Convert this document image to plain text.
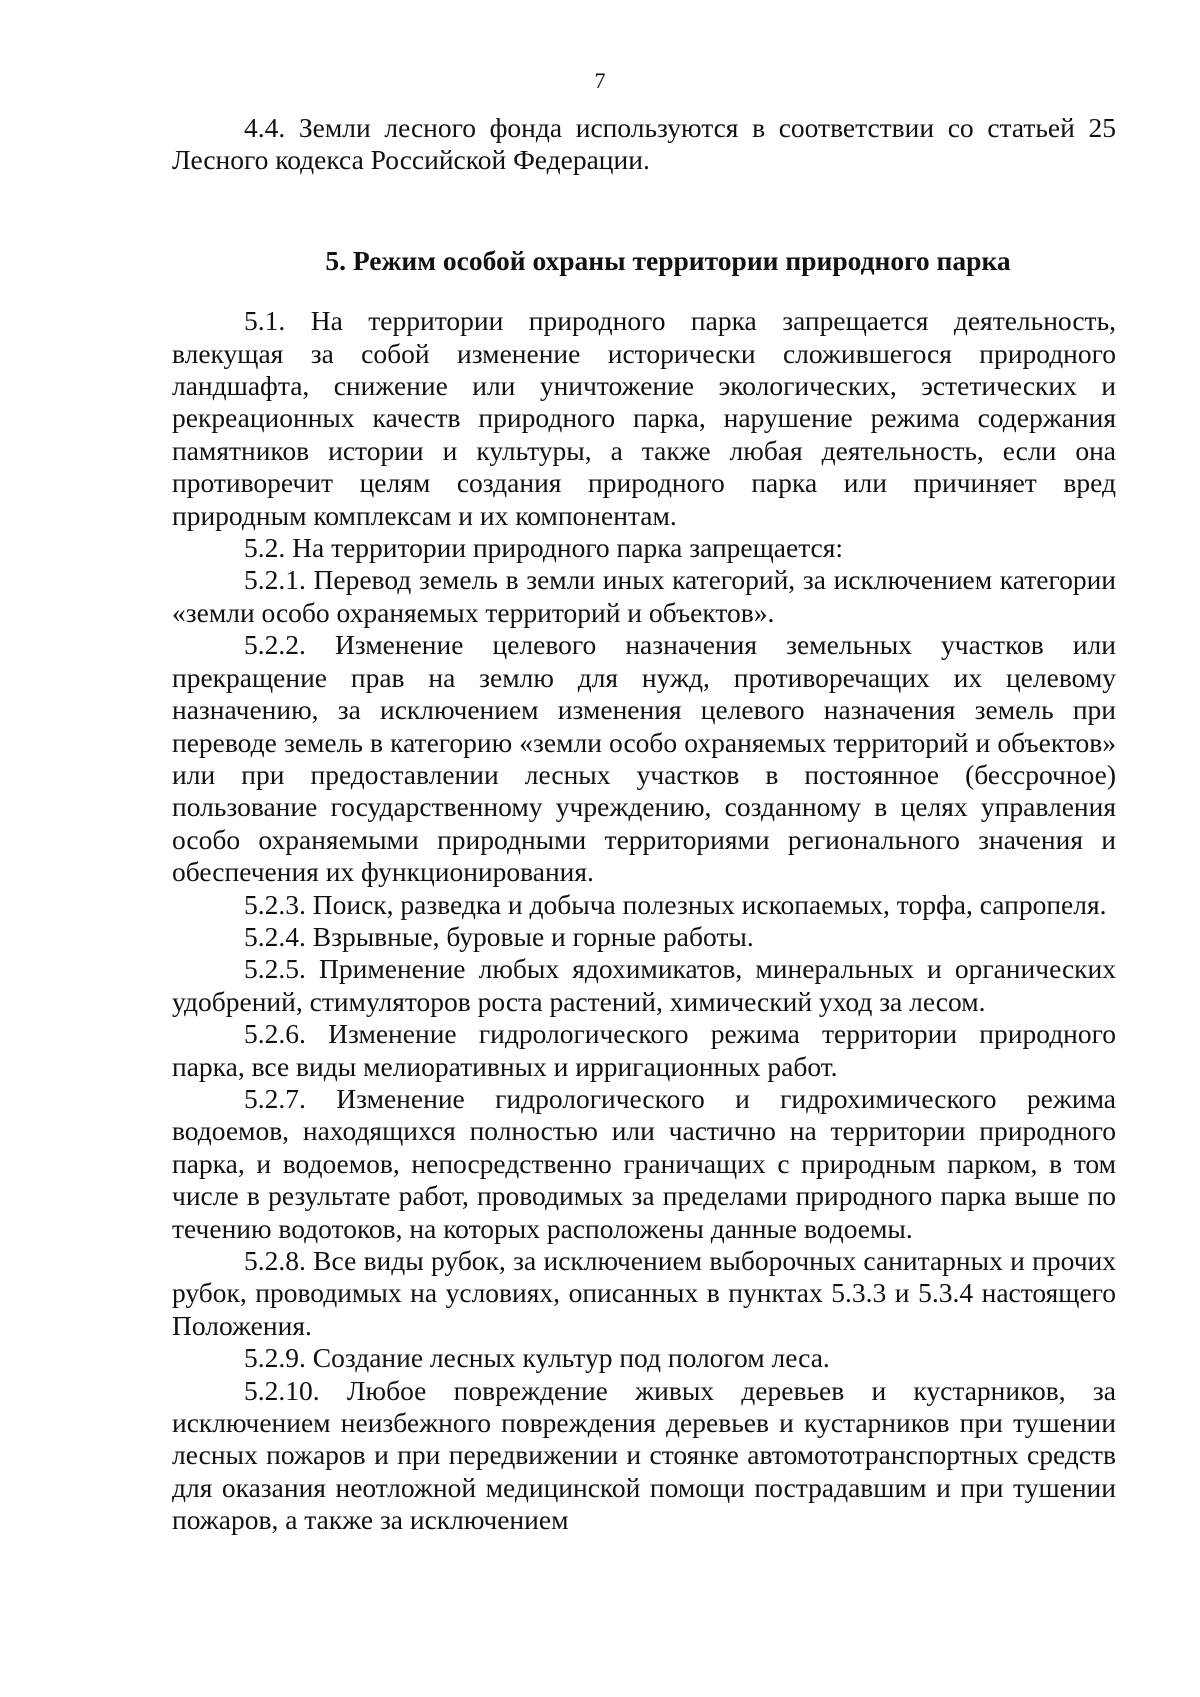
7

4.4. Земли лесного фонда используются в соответствии со статьей 25 Лесного кодекса Российской Федерации.

5. Режим особой охраны территории природного парка

5.1. На территории природного парка запрещается деятельность, влекущая за собой изменение исторически сложившегося природного ландшафта, снижение или уничтожение экологических, эстетических и рекреационных качеств природного парка, нарушение режима содержания памятников истории и культуры, а также любая деятельность, если она противоречит целям создания природного парка или причиняет вред природным комплексам и их компонентам.

5.2. На территории природного парка запрещается:

5.2.1. Перевод земель в земли иных категорий, за исключением категории «земли особо охраняемых территорий и объектов».

5.2.2. Изменение целевого назначения земельных участков или прекращение прав на землю для нужд, противоречащих их целевому назначению, за исключением изменения целевого назначения земель при переводе земель в категорию «земли особо охраняемых территорий и объектов» или при предоставлении лесных участков в постоянное (бессрочное) пользование государственному учреждению, созданному в целях управления особо охраняемыми природными территориями регионального значения и обеспечения их функционирования.

5.2.3. Поиск, разведка и добыча полезных ископаемых, торфа, сапропеля.

5.2.4. Взрывные, буровые и горные работы.

5.2.5. Применение любых ядохимикатов, минеральных и органических удобрений, стимуляторов роста растений, химический уход за лесом.

5.2.6. Изменение гидрологического режима территории природного парка, все виды мелиоративных и ирригационных работ.

5.2.7. Изменение гидрологического и гидрохимического режима водоемов, находящихся полностью или частично на территории природного парка, и водоемов, непосредственно граничащих с природным парком, в том числе в результате работ, проводимых за пределами природного парка выше по течению водотоков, на которых расположены данные водоемы.

5.2.8. Все виды рубок, за исключением выборочных санитарных и прочих рубок, проводимых на условиях, описанных в пунктах 5.3.3 и 5.3.4 настоящего Положения.

5.2.9. Создание лесных культур под пологом леса.

5.2.10. Любое повреждение живых деревьев и кустарников, за исключением неизбежного повреждения деревьев и кустарников при тушении лесных пожаров и при передвижении и стоянке автомототранспортных средств для оказания неотложной медицинской помощи пострадавшим и при тушении пожаров, а также за исключением
